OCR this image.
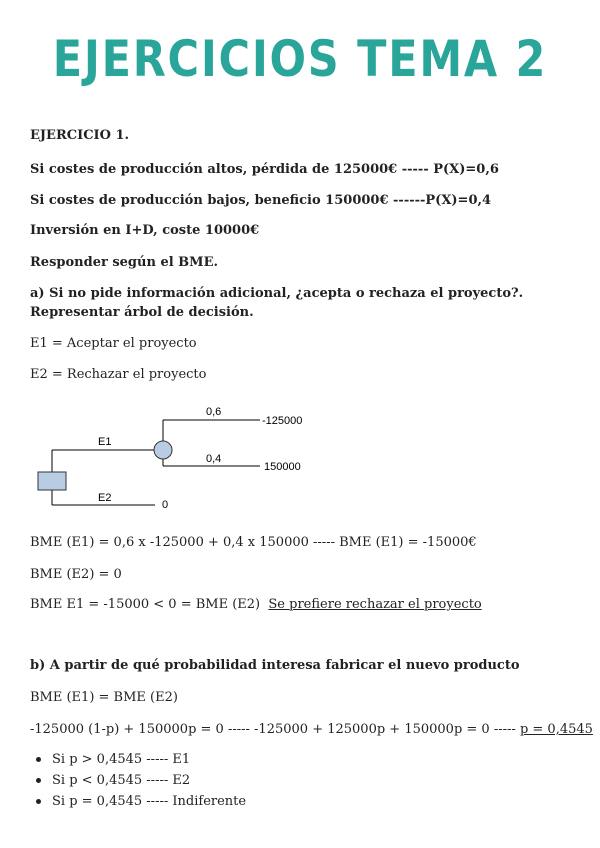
EJERCICIOS TEMA 2
EJERCICIO 1.
Si costes de producción altos, pérdida de 125000€ ----- P(X)=0,6
Si costes de producción bajos, beneficio 150000€ ------P(X)=0,4
Inversión en I+D, coste 10000€
Responder según el BME.
a) Si no pide información adicional, ¿acepta o rechaza el proyecto?. Representar árbol de decisión.
E1 = Aceptar el proyecto
E2 = Rechazar el proyecto
E1
E2
0,6
-125000
0,4
150000
0
BME (E1) = 0,6 x -125000 + 0,4 x 150000 ----- BME (E1) = -15000€
BME (E2) = 0
BME E1 = -15000 < 0 = BME (E2) Se prefiere rechazar el proyecto
b) A partir de qué probabilidad interesa fabricar el nuevo producto
BME (E1) = BME (E2)
-125000 (1-p) + 150000p = 0 ----- -125000 + 125000p + 150000p = 0 ----- p = 0,4545
Si p > 0,4545 ----- E1
Si p < 0,4545 ----- E2
Si p = 0,4545 ----- Indiferente
